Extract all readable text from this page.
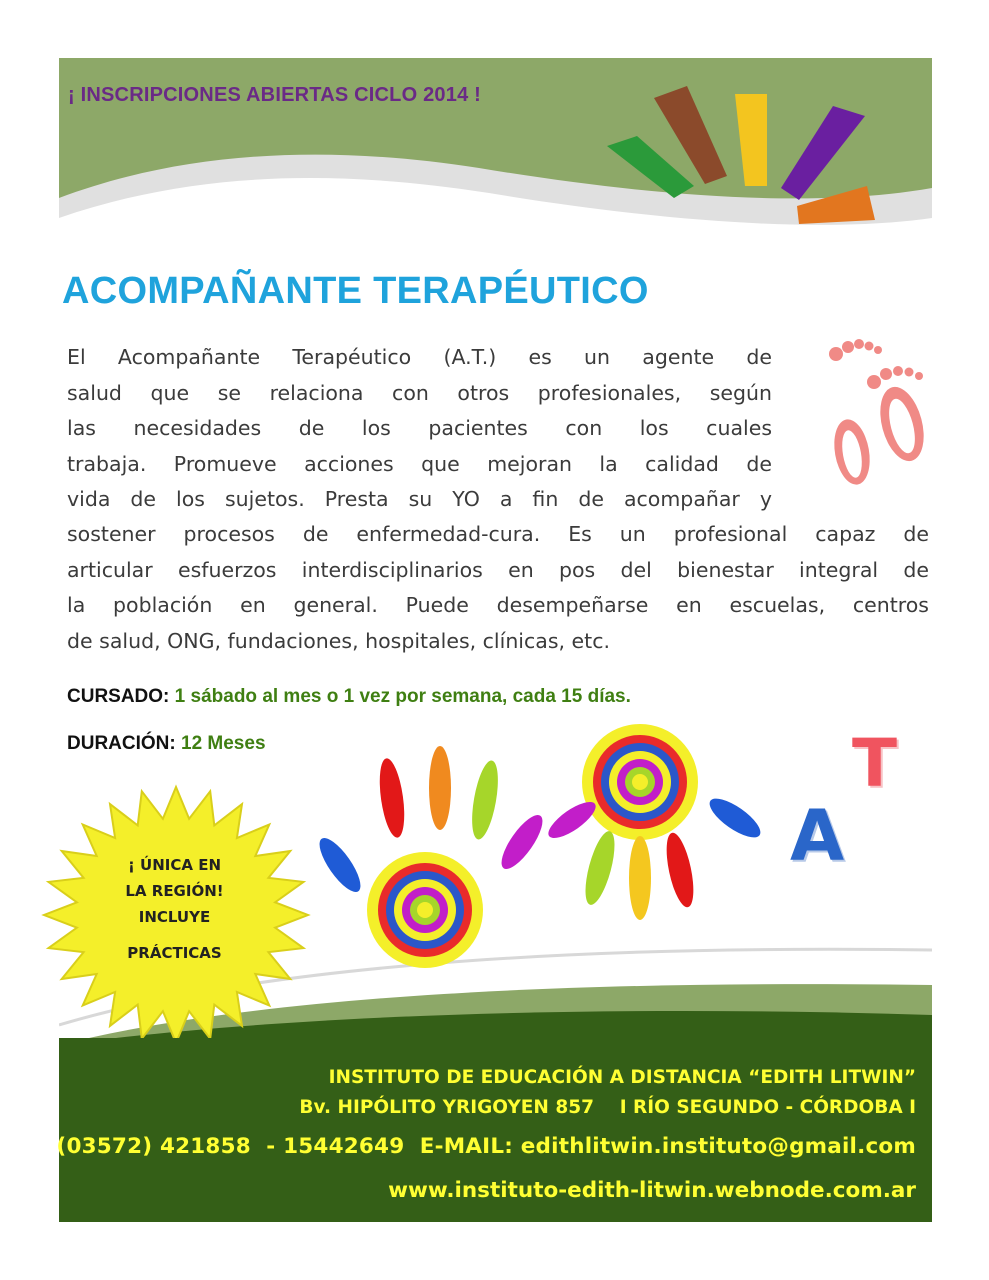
¡ INSCRIPCIONES ABIERTAS CICLO 2014 !
ACOMPAÑANTE TERAPÉUTICO
El Acompañante Terapéutico (A.T.) es un agente de
salud que se relaciona con otros profesionales, según
las necesidades de los pacientes con los cuales
trabaja. Promueve acciones que mejoran la calidad de
vida de los sujetos. Presta su YO a fin de acompañar y
sostener procesos de enfermedad-cura. Es un profesional capaz de
articular esfuerzos interdisciplinarios en pos del bienestar integral de
la población en general. Puede desempeñarse en escuelas, centros
de salud, ONG, fundaciones, hospitales, clínicas, etc.
CURSADO: 1 sábado al mes o 1 vez por semana, cada 15 días.
DURACIÓN: 12 Meses
A
T
¡ ÚNICA EN
LA REGIÓN!
INCLUYE
PRÁCTICAS
INSTITUTO DE EDUCACIÓN A DISTANCIA “EDITH LITWIN”
Bv. HIPÓLITO YRIGOYEN 857    I RÍO SEGUNDO - CÓRDOBA I
(03572) 421858  - 15442649  E-MAIL: edithlitwin.instituto@gmail.com
www.instituto-edith-litwin.webnode.com.ar
